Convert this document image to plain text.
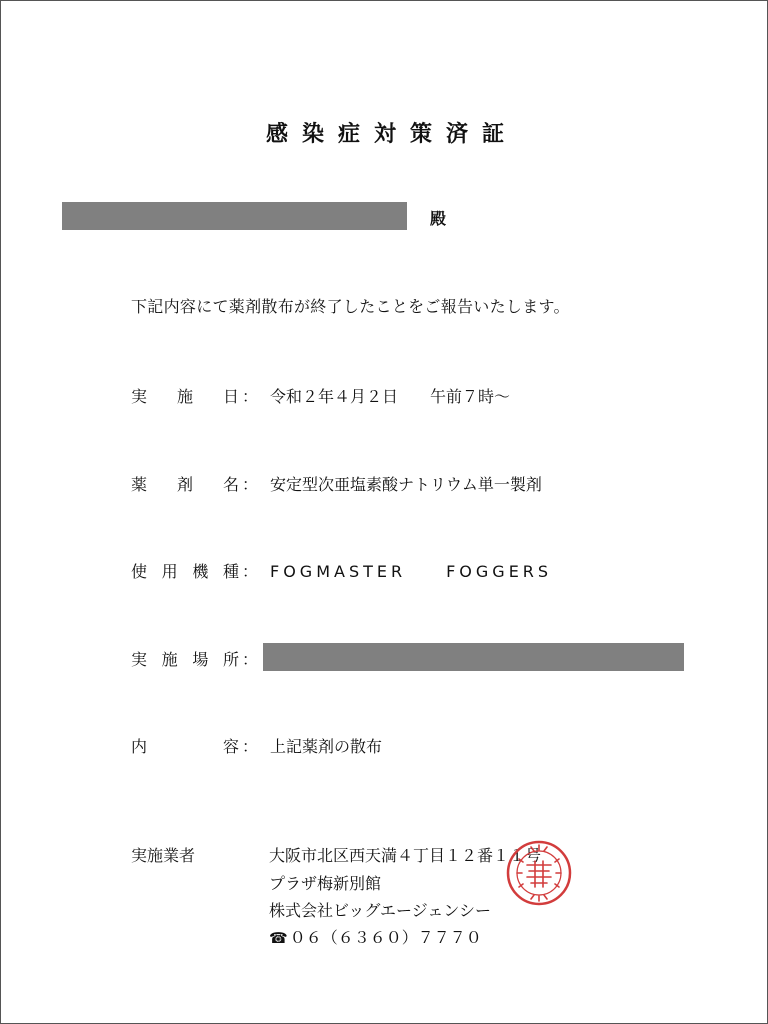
感染症対策済証
殿
下記内容にて薬剤散布が終了したことをご報告いたします。
実 施 日 ： 令和２年４月２日　　午前７時～
薬 剤 名 ： 安定型次亜塩素酸ナトリウム単一製剤
使 用 機 種 ： FOGMASTER　　FOGGERS
実 施 場 所 ：
内	容 ： 上記薬剤の散布
実施業者	大阪市北区西天満４丁目１２番１１号
プラザ梅新別館
株式会社ビッグエージェンシー
☎ ０６（６３６０）７７７０
